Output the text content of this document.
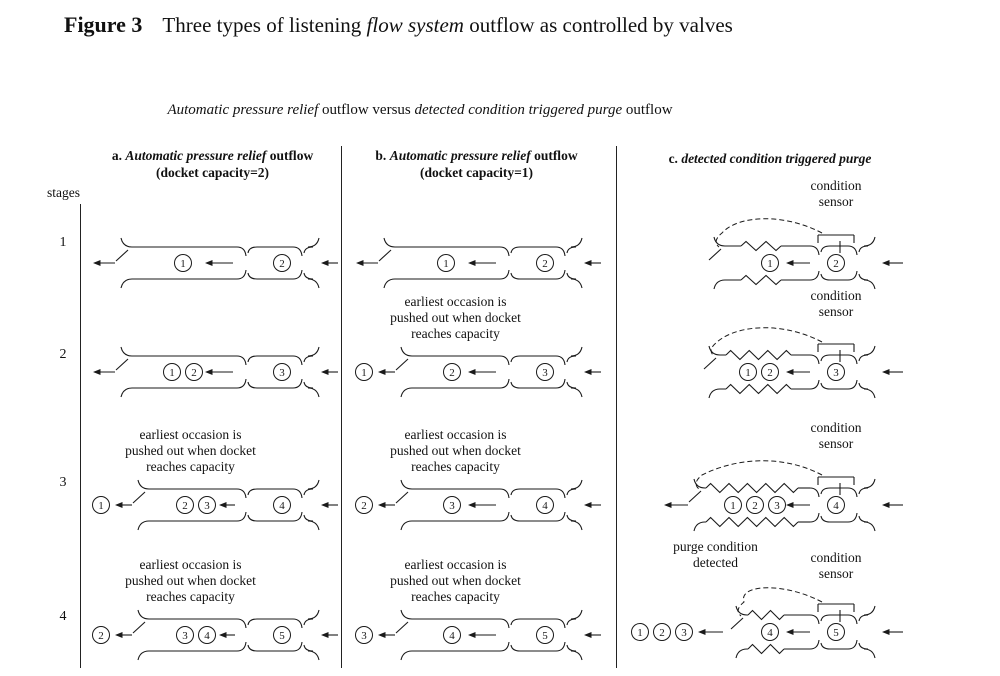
Figure 3 Three types of listening flow system outflow as controlled by valves
Automatic pressure relief outflow versus detected condition triggered purge outflow
stages
a. Automatic pressure relief outflow
(docket capacity=2)
b. Automatic pressure relief outflow
(docket capacity=1)
c. detected condition triggered purge
1
2
3
4
earliest occasion is
pushed out when docket
reaches capacity
earliest occasion is
pushed out when docket
reaches capacity
earliest occasion is
pushed out when docket
reaches capacity
earliest occasion is
pushed out when docket
reaches capacity
earliest occasion is
pushed out when docket
reaches capacity
condition
sensor
condition
sensor
condition
sensor
condition
sensor
purge condition
detected
1	2
1 2	3
2 3	4
1
3 4	5
2
1	2
2	3
1
3	4
2
4	5
3
1	2
1 2	3
1 2 3	4
4	5
1 2 3
